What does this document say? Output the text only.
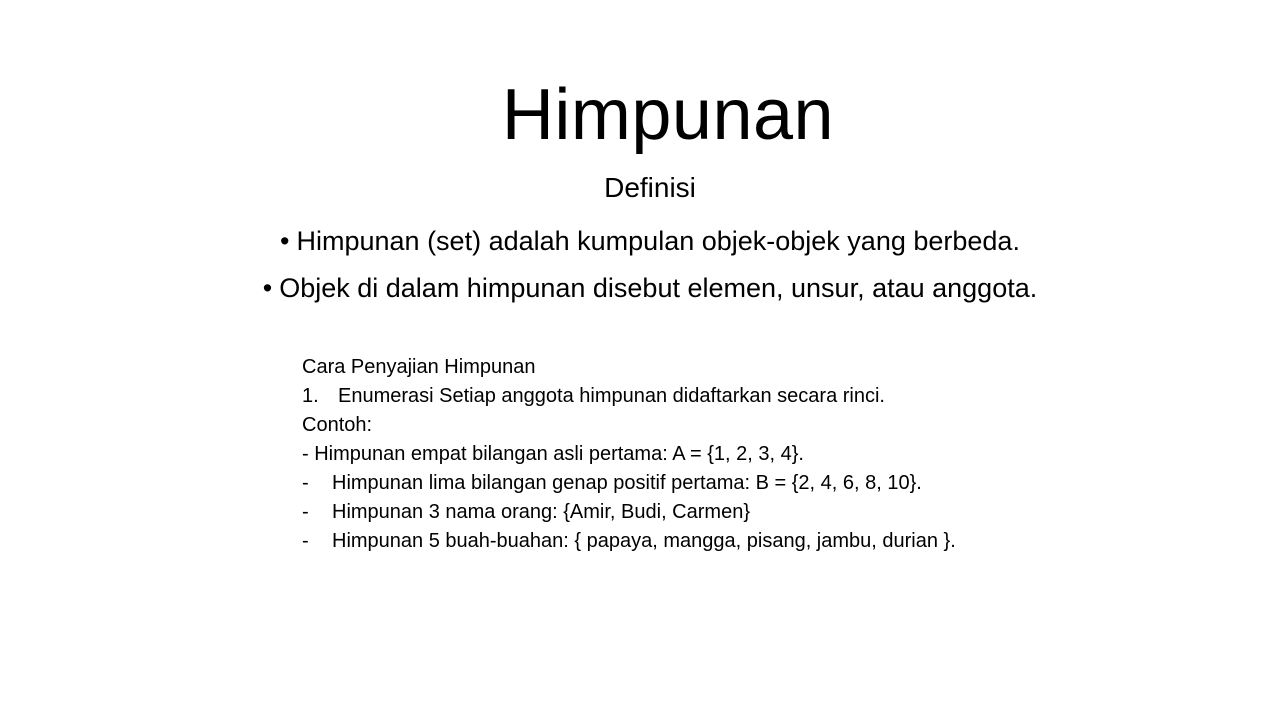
Himpunan
Definisi
• Himpunan (set) adalah kumpulan objek-objek yang berbeda.
• Objek di dalam himpunan disebut elemen, unsur, atau anggota.
Cara Penyajian Himpunan
1. Enumerasi Setiap anggota himpunan didaftarkan secara rinci.
Contoh:
- Himpunan empat bilangan asli pertama: A = {1, 2, 3, 4}.
- Himpunan lima bilangan genap positif pertama: B = {2, 4, 6, 8, 10}.
- Himpunan 3 nama orang: {Amir, Budi, Carmen}
- Himpunan 5 buah-buahan: { papaya, mangga, pisang, jambu, durian }.
